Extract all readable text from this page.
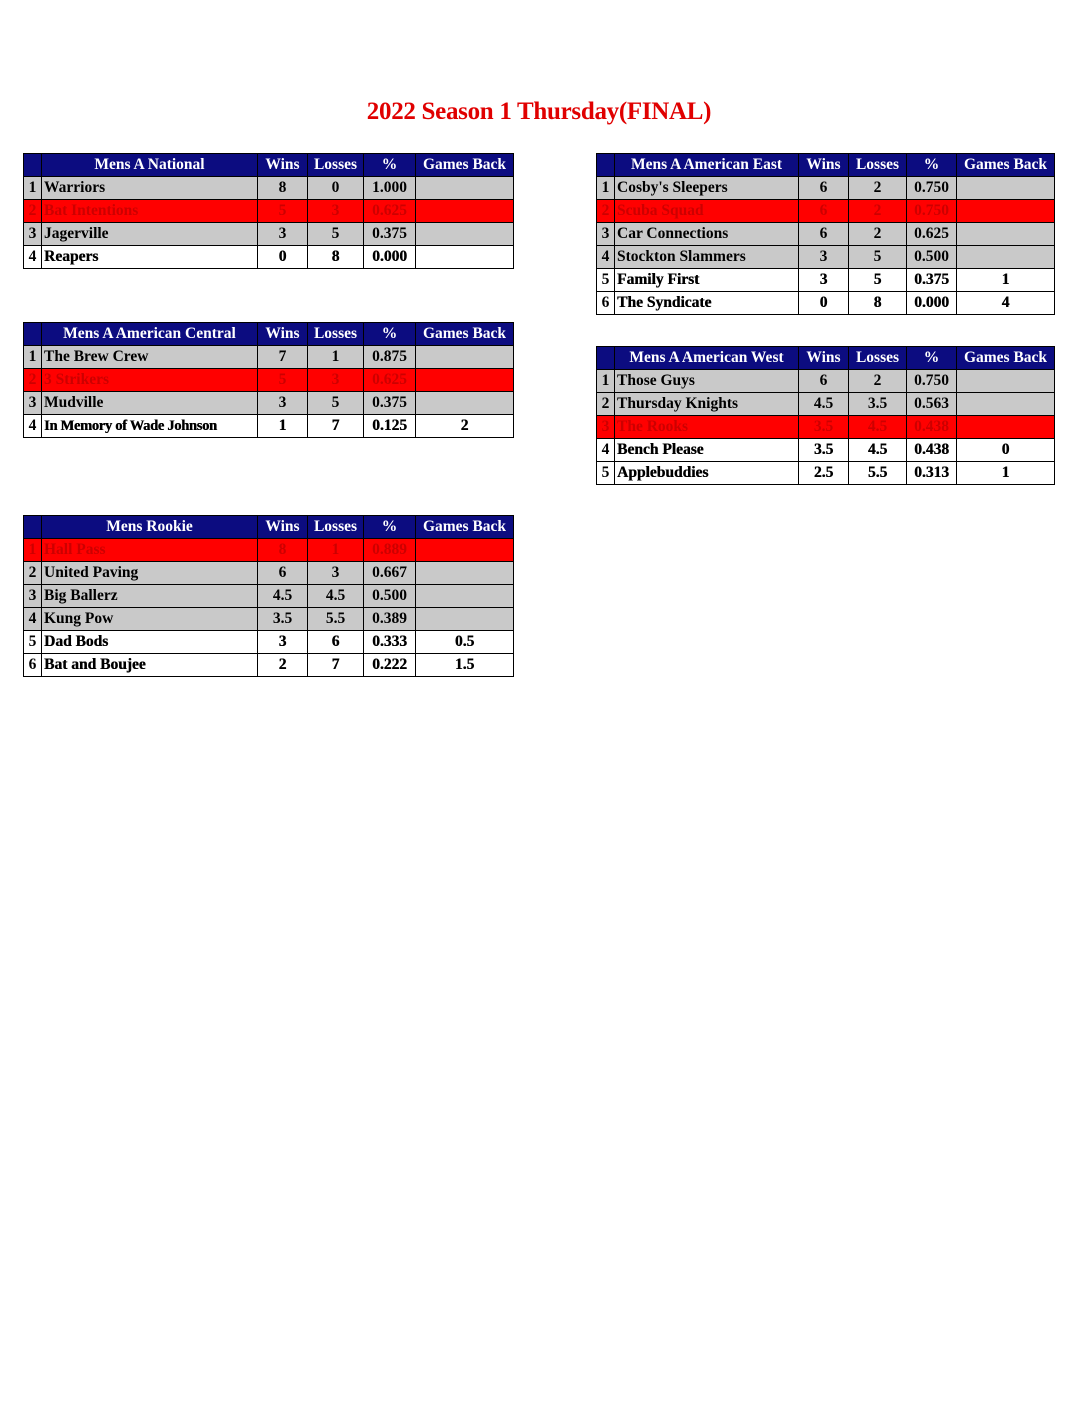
2022 Season 1 Thursday(FINAL)
	Mens A National	Wins	Losses	%	Games Back
1	Warriors	8	0	1.000	
2	Bat Intentions	5	3	0.625	
3	Jagerville	3	5	0.375	
4	Reapers	0	8	0.000	
	Mens A American Central	Wins	Losses	%	Games Back
1	The Brew Crew	7	1	0.875	
2	3 Strikers	5	3	0.625	
3	Mudville	3	5	0.375	
4	In Memory of Wade Johnson	1	7	0.125	2
	Mens Rookie	Wins	Losses	%	Games Back
1	Hall Pass	8	1	0.889	
2	United Paving	6	3	0.667	
3	Big Ballerz	4.5	4.5	0.500	
4	Kung Pow	3.5	5.5	0.389	
5	Dad Bods	3	6	0.333	0.5
6	Bat and Boujee	2	7	0.222	1.5
	Mens A American East	Wins	Losses	%	Games Back
1	Cosby's Sleepers	6	2	0.750	
2	Scuba Squad	6	2	0.750	
3	Car Connections	6	2	0.625	
4	Stockton Slammers	3	5	0.500	
5	Family First	3	5	0.375	1
6	The Syndicate	0	8	0.000	4
	Mens A American West	Wins	Losses	%	Games Back
1	Those Guys	6	2	0.750	
2	Thursday Knights	4.5	3.5	0.563	
3	The Rooks	3.5	4.5	0.438	
4	Bench Please	3.5	4.5	0.438	0
5	Applebuddies	2.5	5.5	0.313	1
